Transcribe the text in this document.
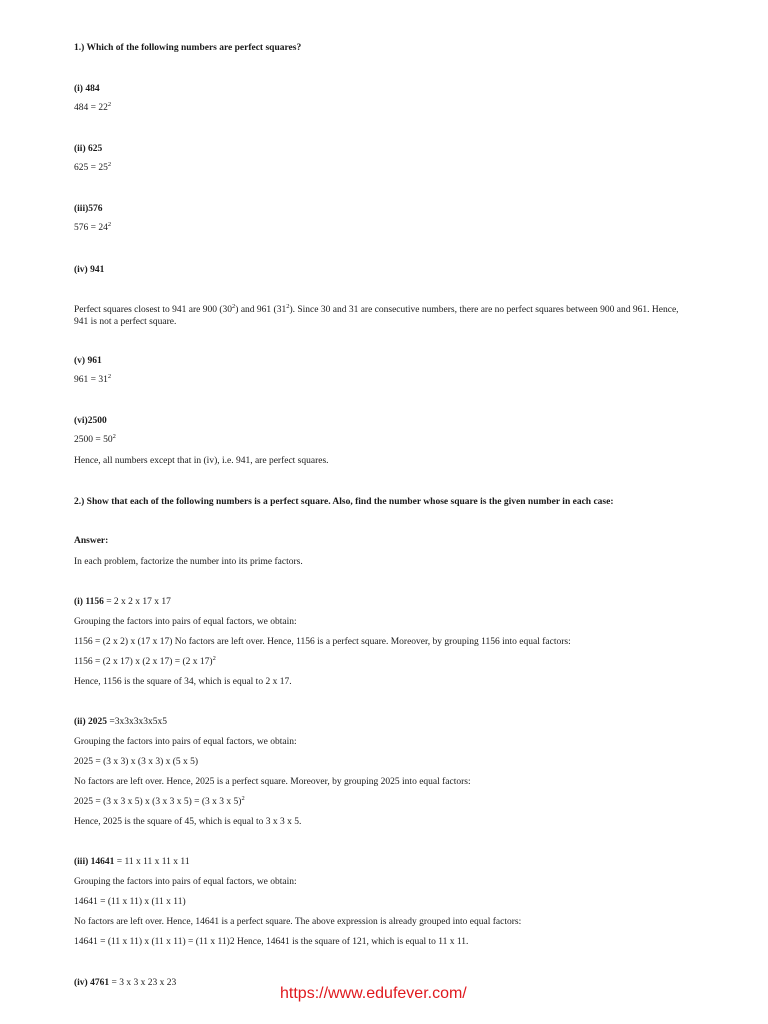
1.) Which of the following numbers are perfect squares?
(i) 484
$484 = 22^2$
(ii) 625
$625 = 25^2$
(iii)576
$576 = 24^2$
(iv) 941
Perfect squares closest to 941 are 900 $(30^2)$ and 961 $(31^2)$. Since 30 and 31 are consecutive numbers, there are no perfect squares between 900 and 961. Hence,
941 is not a perfect square.
(v) 961
$961 = 31^2$
(vi)2500
$2500 = 50^2$
Hence, all numbers except that in (iv), i.e. 941, are perfect squares.
2.) Show that each of the following numbers is a perfect square. Also, find the number whose square is the given number in each case:
Answer:
In each problem, factorize the number into its prime factors.
(i) 1156 = 2 x 2 x 17 x 17
Grouping the factors into pairs of equal factors, we obtain:
1156 = (2 x 2) x (17 x 17) No factors are left over. Hence, 1156 is a perfect square. Moreover, by grouping 1156 into equal factors:
1156 = (2 x 17) x (2 x 17) = (2 x 17)$^2$
Hence, 1156 is the square of 34, which is equal to 2 x 17.
(ii) 2025 =3x3x3x3x5x5
Grouping the factors into pairs of equal factors, we obtain:
2025 = (3 x 3) x (3 x 3) x (5 x 5)
No factors are left over. Hence, 2025 is a perfect square. Moreover, by grouping 2025 into equal factors:
2025 = (3 x 3 x 5) x (3 x 3 x 5) = (3 x 3 x 5)$^2$
Hence, 2025 is the square of 45, which is equal to 3 x 3 x 5.
(iii) 14641 = 11 x 11 x 11 x 11
Grouping the factors into pairs of equal factors, we obtain:
14641 = (11 x 11) x (11 x 11)
No factors are left over. Hence, 14641 is a perfect square. The above expression is already grouped into equal factors:
14641 = (11 x 11) x (11 x 11) = (11 x 11)2 Hence, 14641 is the square of 121, which is equal to 11 x 11.
(iv) 4761 = 3 x 3 x 23 x 23
https://www.edufever.com/
